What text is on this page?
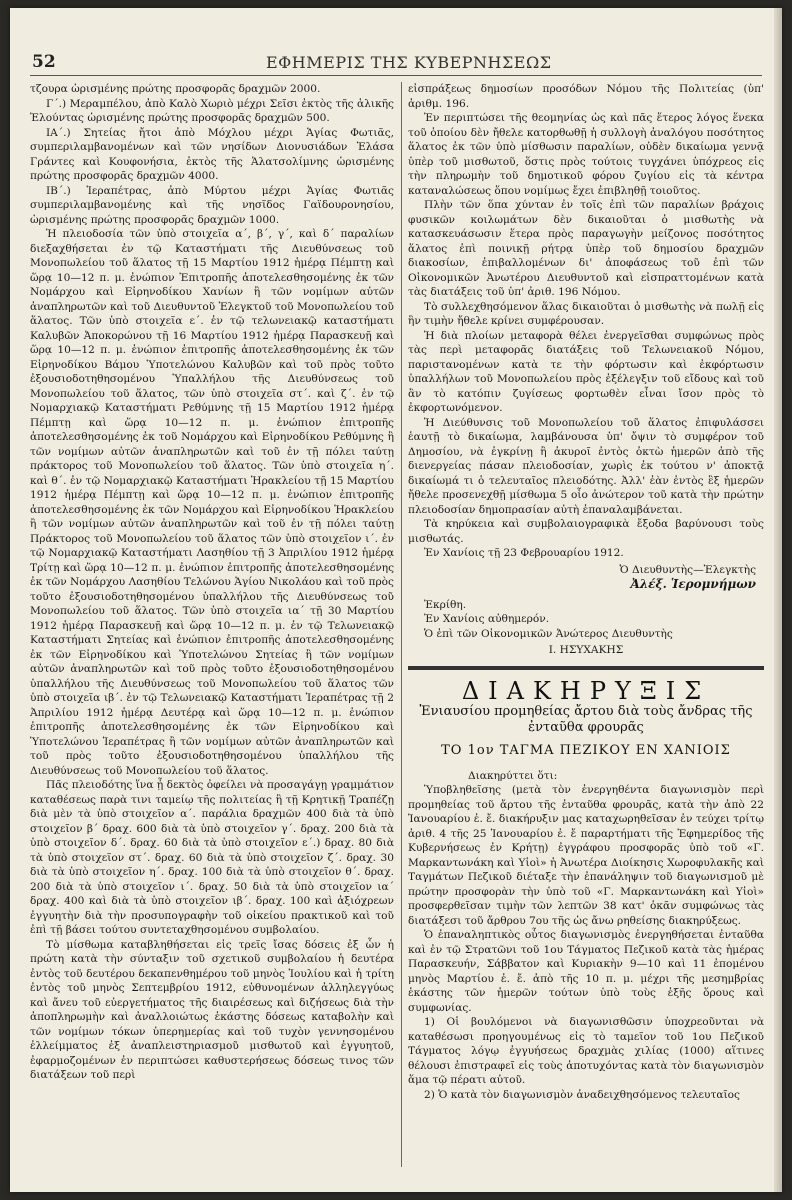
52	ΕΦΗΜΕΡΙΣ ΤΗΣ ΚΥΒΕΡΝΗΣΕΩΣ

τζουρα ὡρισμένης πρώτης προσφορᾶς δραχμῶν 2000.

Γ΄.) Μεραμπέλου, ἀπὸ Καλὸ Χωριὸ μέχρι Σεῖσι ἐκτὸς τῆς ἁλικῆς Ἐλούντας ὡρισμένης πρώτης προσφορᾶς δραχμῶν 500.

ΙΑ΄.) Σητείας ἤτοι ἀπὸ Μόχλου μέχρι Ἁγίας Φωτιᾶς, συμπεριλαμβανομένων καὶ τῶν νησίδων Διονυσιάδων Ἐλάσα Γράντες καὶ Κουφονήσια, ἐκτὸς τῆς Ἁλατσολίμνης ὡρισμένης πρώτης προσφορᾶς δραχμῶν 4000.

ΙΒ΄.) Ἱεραπέτρας, ἀπὸ Μύρτου μέχρι Ἁγίας Φωτιᾶς συμπεριλαμβανομένης καὶ τῆς νησῖδος Γαϊδουρονησίου, ὡρισμένης πρώτης προσφορᾶς δραχμῶν 1000.

Ἡ πλειοδοσία τῶν ὑπὸ στοιχεῖα α΄, β΄, γ΄, καὶ δ΄ παραλίων διεξαχθήσεται ἐν τῷ Καταστήματι τῆς Διευθύνσεως τοῦ Μονοπωλείου τοῦ ἅλατος τῇ 15 Μαρτίου 1912 ἡμέρᾳ Πέμπτῃ καὶ ὥρᾳ 10—12 π. μ. ἐνώπιον Ἐπιτροπῆς ἀποτελεσθησομένης ἐκ τῶν Νομάρχου καὶ Εἰρηνοδίκου Χανίων ἢ τῶν νομίμων αὐτῶν ἀναπληρωτῶν καὶ τοῦ Διευθυντοῦ Ἐλεγκτοῦ τοῦ Μονοπωλείου τοῦ ἅλατος. Τῶν ὑπὸ στοιχεῖα ε΄. ἐν τῷ τελωνειακῷ καταστήματι Καλυβῶν Ἀποκορώνου τῇ 16 Μαρτίου 1912 ἡμέρᾳ Παρασκευῇ καὶ ὥρᾳ 10—12 π. μ. ἐνώπιον ἐπιτροπῆς ἀποτελεσθησομένης ἐκ τῶν Εἰρηνοδίκου Βάμου Ὑποτελώνου Καλυβῶν καὶ τοῦ πρὸς τοῦτο ἐξουσιοδοτηθησομένου Ὑπαλλήλου τῆς Διευθύνσεως τοῦ Μονοπωλείου τοῦ ἅλατος, τῶν ὑπὸ στοιχεῖα στ΄. καὶ ζ΄. ἐν τῷ Νομαρχιακῷ Καταστήματι Ρεθύμνης τῇ 15 Μαρτίου 1912 ἡμέρᾳ Πέμπτῃ καὶ ὥρᾳ 10—12 π. μ. ἐνώπιον ἐπιτροπῆς ἀποτελεσθησομένης ἐκ τοῦ Νομάρχου καὶ Εἰρηνοδίκου Ρεθύμνης ἢ τῶν νομίμων αὐτῶν ἀναπληρωτῶν καὶ τοῦ ἐν τῇ πόλει ταύτῃ πράκτορος τοῦ Μονοπωλείου τοῦ ἅλατος. Τῶν ὑπὸ στοιχεῖα η΄. καὶ θ΄. ἐν τῷ Νομαρχιακῷ Καταστήματι Ἡρακλείου τῇ 15 Μαρτίου 1912 ἡμέρᾳ Πέμπτῃ καὶ ὥρᾳ 10—12 π. μ. ἐνώπιον ἐπιτροπῆς ἀποτελεσθησομένης ἐκ τῶν Νομάρχου καὶ Εἰρηνοδίκου Ἡρακλείου ἢ τῶν νομίμων αὐτῶν ἀναπληρωτῶν καὶ τοῦ ἐν τῇ πόλει ταύτῃ Πράκτορος τοῦ Μονοπωλείου τοῦ ἅλατος τῶν ὑπὸ στοιχεῖον ι΄. ἐν τῷ Νομαρχιακῷ Καταστήματι Λασηθίου τῇ 3 Ἀπριλίου 1912 ἡμέρᾳ Τρίτῃ καὶ ὥρᾳ 10—12 π. μ. ἐνώπιον ἐπιτροπῆς ἀποτελεσθησομένης ἐκ τῶν Νομάρχου Λασηθίου Τελώνου Ἁγίου Νικολάου καὶ τοῦ πρὸς τοῦτο ἐξουσιοδοτηθησομένου ὑπαλλήλου τῆς Διευθύνσεως τοῦ Μονοπωλείου τοῦ ἅλατος. Τῶν ὑπὸ στοιχεῖα ια΄ τῇ 30 Μαρτίου 1912 ἡμέρᾳ Παρασκευῇ καὶ ὥρᾳ 10—12 π. μ. ἐν τῷ Τελωνειακῷ Καταστήματι Σητείας καὶ ἐνώπιον ἐπιτροπῆς ἀποτελεσθησομένης ἐκ τῶν Εἰρηνοδίκου καὶ Ὑποτελώνου Σητείας ἢ τῶν νομίμων αὐτῶν ἀναπληρωτῶν καὶ τοῦ πρὸς τοῦτο ἐξουσιοδοτηθησομένου ὑπαλλήλου τῆς Διευθύνσεως τοῦ Μονοπωλείου τοῦ ἅλατος τῶν ὑπὸ στοιχεῖα ιβ΄. ἐν τῷ Τελωνειακῷ Καταστήματι Ἱεραπέτρας τῇ 2 Ἀπριλίου 1912 ἡμέρᾳ Δευτέρᾳ καὶ ὥρᾳ 10—12 π. μ. ἐνώπιον ἐπιτροπῆς ἀποτελεσθησομένης ἐκ τῶν Εἰρηνοδίκου καὶ Ὑποτελώνου Ἱεραπέτρας ἢ τῶν νομίμων αὐτῶν ἀναπληρωτῶν καὶ τοῦ πρὸς τοῦτο ἐξουσιοδοτηθησομένου ὑπαλλήλου τῆς Διευθύνσεως τοῦ Μονοπωλείου τοῦ ἅλατος.

Πᾶς πλειοδότης ἵνα ᾖ δεκτὸς ὀφείλει νὰ προσαγάγῃ γραμμάτιον καταθέσεως παρὰ τινι ταμείῳ τῆς πολιτείας ἢ τῇ Κρητικῇ Τραπέζῃ διὰ μὲν τὰ ὑπὸ στοιχεῖον α΄. παράλια δραχμῶν 400 διὰ τὰ ὑπὸ στοιχεῖον β΄ δραχ. 600 διὰ τὰ ὑπὸ στοιχεῖον γ΄. δραχ. 200 διὰ τὰ ὑπὸ στοιχεῖον δ΄. δραχ. 60 διὰ τὰ ὑπὸ στοιχεῖον ε΄.) δραχ. 80 διὰ τὰ ὑπὸ στοιχεῖον στ΄. δραχ. 60 διὰ τὰ ὑπὸ στοιχεῖον ζ΄. δραχ. 30 διὰ τὰ ὑπὸ στοιχεῖον η΄. δραχ. 100 διὰ τὰ ὑπὸ στοιχεῖον θ΄. δραχ. 200 διὰ τὰ ὑπὸ στοιχεῖον ι΄. δραχ. 50 διὰ τὰ ὑπὸ στοιχεῖον ια΄ δραχ. 400 καὶ διὰ τὰ ὑπὸ στοιχεῖον ιβ΄. δραχ. 100 καὶ ἀξιόχρεων ἐγγυητὴν διὰ τὴν προσυπογραφὴν τοῦ οἰκείου πρακτικοῦ καὶ τοῦ ἐπὶ τῇ βάσει τούτου συντεταχθησομένου συμβολαίου.

Τὸ μίσθωμα καταβληθήσεται εἰς τρεῖς ἴσας δόσεις ἐξ ὧν ἡ πρώτη κατὰ τὴν σύνταξιν τοῦ σχετικοῦ συμβολαίου ἡ δευτέρα ἐντὸς τοῦ δευτέρου δεκαπενθημέρου τοῦ μηνὸς Ἰουλίου καὶ ἡ τρίτη ἐντὸς τοῦ μηνὸς Σεπτεμβρίου 1912, εὐθυνομένων ἀλληλεγγύως καὶ ἄνευ τοῦ εὐεργετήματος τῆς διαιρέσεως καὶ διζήσεως διὰ τὴν ἀποπληρωμὴν καὶ ἀναλλοιώτως ἑκάστης δόσεως καταβολὴν καὶ τῶν νομίμων τόκων ὑπερημερίας καὶ τοῦ τυχὸν γεννησομένου ἐλλείμματος ἐξ ἀναπλειστηριασμοῦ μισθωτοῦ καὶ ἐγγυητοῦ, ἐφαρμοζομένων ἐν περιπτώσει καθυστερήσεως δόσεως τινος τῶν διατάξεων τοῦ περὶ

εἰσπράξεως δημοσίων προσόδων Νόμου τῆς Πολιτείας (ὑπ' ἀριθμ. 196.

Ἐν περιπτώσει τῆς θεομηνίας ὡς καὶ πᾶς ἕτερος λόγος ἕνεκα τοῦ ὁποίου δὲν ἤθελε κατορθωθῇ ἡ συλλογὴ ἀναλόγου ποσότητος ἅλατος ἐκ τῶν ὑπὸ μίσθωσιν παραλίων, οὐδὲν δικαίωμα γεννᾷ ὑπὲρ τοῦ μισθωτοῦ, ὅστις πρὸς τούτοις τυγχάνει ὑπόχρεος εἰς τὴν πληρωμὴν τοῦ δημοτικοῦ φόρου ζυγίου εἰς τὰ κέντρα καταναλώσεως ὅπου νομίμως ἔχει ἐπιβληθῇ τοιοῦτος.

Πλὴν τῶν ὅπα χύνταν ἐν τοῖς ἐπὶ τῶν παραλίων βράχοις φυσικῶν κοιλωμάτων δὲν δικαιοῦται ὁ μισθωτὴς νὰ κατασκευάσωσιν ἕτερα πρὸς παραγωγὴν μείζονος ποσότητος ἅλατος ἐπὶ ποινικῇ ρήτρᾳ ὑπὲρ τοῦ δημοσίου δραχμῶν διακοσίων, ἐπιβαλλομένων δι' ἀποφάσεως τοῦ ἐπὶ τῶν Οἰκονομικῶν Ἀνωτέρου Διευθυντοῦ καὶ εἰσπραττομένων κατὰ τὰς διατάξεις τοῦ ὑπ' ἀριθ. 196 Νόμου.

Τὸ συλλεχθησόμενον ἅλας δικαιοῦται ὁ μισθωτὴς νὰ πωλῇ εἰς ἣν τιμὴν ἤθελε κρίνει συμφέρουσαν.

Ἡ διὰ πλοίων μεταφορὰ θέλει ἐνεργεῖσθαι συμφώνως πρὸς τὰς περὶ μεταφορᾶς διατάξεις τοῦ Τελωνειακοῦ Νόμου, παριστανομένων κατὰ τε τὴν φόρτωσιν καὶ ἐκφόρτωσιν ὑπαλλήλων τοῦ Μονοπωλείου πρὸς ἐξέλεγξιν τοῦ εἴδους καὶ τοῦ ἂν τὸ κατόπιν ζυγίσεως φορτωθὲν εἶναι ἴσον πρὸς τὸ ἐκφορτωνόμενον.

Ἡ Διεύθυνσις τοῦ Μονοπωλείου τοῦ ἅλατος ἐπιφυλάσσει ἑαυτῇ τὸ δικαίωμα, λαμβάνουσα ὑπ' ὄψιν τὸ συμφέρον τοῦ Δημοσίου, νὰ ἐγκρίνῃ ἢ ἀκυροῖ ἐντὸς ὀκτὼ ἡμερῶν ἀπὸ τῆς διενεργείας πάσαν πλειοδοσίαν, χωρὶς ἐκ τούτου ν' ἀποκτᾷ δικαίωμά τι ὁ τελευταῖος πλειοδότης. Ἀλλ' ἐὰν ἐντὸς ἓξ ἡμερῶν ἤθελε προσενεχθῇ μίσθωμα 5 οἷο ἀνώτερον τοῦ κατὰ τὴν πρώτην πλειοδοσίαν δημοπρασίαν αὐτὴ ἐπαναλαμβάνεται.

Τὰ κηρύκεια καὶ συμβολαιογραφικὰ ἔξοδα βαρύνουσι τοὺς μισθωτάς.

Ἐν Χανίοις τῇ 23 Φεβρουαρίου 1912.

Ὁ Διευθυντὴς—Ἐλεγκτὴς
Ἀλέξ. Ἱερομνήμων

Ἐκρίθη.

Ἐν Χανίοις αὐθημερόν.

Ὁ ἐπὶ τῶν Οἰκονομικῶν Ἀνώτερος Διευθυντὴς

Ι. ΗΣΥΧΑΚΗΣ

ΔΙΑΚΗΡΥΞΙΣ
Ἐνιαυσίου προμηθείας ἄρτου διὰ τοὺς ἄνδρας τῆς ἐνταῦθα φρουρᾶς
ΤΟ 1ον ΤΑΓΜΑ ΠΕΖΙΚΟΥ ΕΝ ΧΑΝΙΟΙΣ

Διακηρύττει ὅτι:

Ὑποβληθεῖσης (μετὰ τὸν ἐνεργηθέντα διαγωνισμὸν περὶ προμηθείας τοῦ ἄρτου τῆς ἐνταῦθα φρουρᾶς, κατὰ τὴν ἀπὸ 22 Ἰανουαρίου ἐ. ἔ. διακήρυξιν μας καταχωρηθεῖσαν ἐν τεύχει τρίτῳ ἀριθ. 4 τῆς 25 Ἰανουαρίου ἐ. ἔ παραρτήματι τῆς Ἐφημερίδος τῆς Κυβερνήσεως ἐν Κρήτῃ) ἐγγράφου προσφορᾶς ὑπὸ τοῦ «Γ. Μαρκαντωνάκη καὶ Υἱοὶ» ἡ Ἀνωτέρα Διοίκησις Χωροφυλακῆς καὶ Ταγμάτων Πεζικοῦ διέταξε τὴν ἐπανάληψιν τοῦ διαγωνισμοῦ μὲ πρώτην προσφορὰν τὴν ὑπὸ τοῦ «Γ. Μαρκαντωνάκη καὶ Υἱοὶ» προσφερθεῖσαν τιμὴν τῶν λεπτῶν 38 κατ' ὀκᾶν συμφώνως τὰς διατάξεσι τοῦ ἄρθρου 7ου τῆς ὡς ἄνω ρηθείσης διακηρύξεως.

Ὁ ἐπαναληπτικὸς οὗτος διαγωνισμὸς ἐνεργηθήσεται ἐνταῦθα καὶ ἐν τῷ Στρατῶνι τοῦ 1ου Τάγματος Πεζικοῦ κατὰ τὰς ἡμέρας Παρασκευήν, Σάββατον καὶ Κυριακὴν 9—10 καὶ 11 ἐπομένου μηνὸς Μαρτίου ἐ. ἔ. ἀπὸ τῆς 10 π. μ. μέχρι τῆς μεσημβρίας ἑκάστης τῶν ἡμερῶν τούτων ὑπὸ τοὺς ἑξῆς ὅρους καὶ συμφωνίας.

1) Οἱ βουλόμενοι νὰ διαγωνισθῶσιν ὑποχρεοῦνται νὰ καταθέσωσι προηγουμένως εἰς τὸ ταμεῖον τοῦ 1ου Πεζικοῦ Τάγματος λόγῳ ἐγγυήσεως δραχμὰς χιλίας (1000) αἵτινες θέλουσι ἐπιστραφεῖ εἰς τοὺς ἀποτυχόντας κατὰ τὸν διαγωνισμὸν ἅμα τῷ πέρατι αὐτοῦ.

2) Ὁ κατὰ τὸν διαγωνισμὸν ἀναδειχθησόμενος τελευταῖος
